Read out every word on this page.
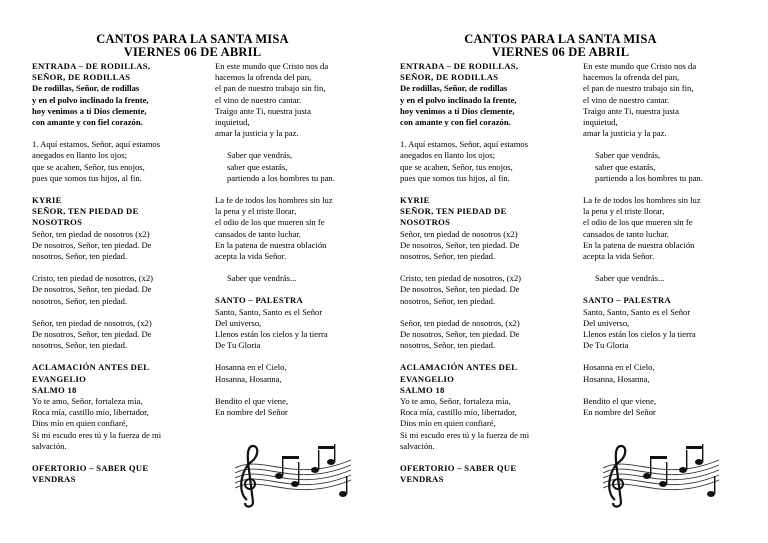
CANTOS PARA LA SANTA MISA
VIERNES 06 DE ABRIL
ENTRADA – DE RODILLAS,
SEÑOR, DE RODILLAS
De rodillas, Señor, de rodillas
y en el polvo inclinado la frente,
hoy venimos a ti Dios clemente,
con amante y con fiel corazón.
1. Aquí estamos, Señor, aquí estamos
anegados en llanto los ojos;
que se acaben, Señor, tus enojos,
pues que somos tus hijos, al fin.
KYRIE
SEÑOR, TEN PIEDAD DE
NOSOTROS
Señor, ten piedad de nosotros (x2)
De nosotros, Señor, ten piedad. De
nosotros, Señor, ten piedad.
Cristo, ten piedad de nosotros, (x2)
De nosotros, Señor, ten piedad. De
nosotros, Señor, ten piedad.
Señor, ten piedad de nosotros, (x2)
De nosotros, Señor, ten piedad. De
nosotros, Señor, ten piedad.
ACLAMACIÓN ANTES DEL
EVANGELIO
SALMO 18
Yo te amo, Señor, fortaleza mía,
Roca mía, castillo mío, libertador,
Dios mío en quien confiaré,
Si mi escudo eres tú y la fuerza de mi
salvación.
OFERTORIO – SABER QUE
VENDRAS
En este mundo que Cristo nos da
hacemos la ofrenda del pan,
el pan de nuestro trabajo sin fin,
el vino de nuestro cantar.
Traigo ante Ti, nuestra justa
inquietud,
amar la justicia y la paz.
Saber que vendrás,
saber que estarás,
partiendo a los hombres tu pan.
La fe de todos los hombres sin luz
la pena y el triste llorar,
el odio de los que mueren sin fe
cansados de tanto luchar.
En la patena de nuestra oblación
acepta la vida Señor.
Saber que vendrás...
SANTO – PALESTRA
Santo, Santo, Santo es el Señor
Del universo,
Llenos están los cielos y la tierra
De Tu Gloria
Hosanna en el Cielo,
Hosanna, Hosanna,
Bendito el que viene,
En nombre del Señor
CANTOS PARA LA SANTA MISA
VIERNES 06 DE ABRIL
ENTRADA – DE RODILLAS,
SEÑOR, DE RODILLAS
De rodillas, Señor, de rodillas
y en el polvo inclinado la frente,
hoy venimos a ti Dios clemente,
con amante y con fiel corazón.
1. Aquí estamos, Señor, aquí estamos
anegados en llanto los ojos;
que se acaben, Señor, tus enojos,
pues que somos tus hijos, al fin.
KYRIE
SEÑOR, TEN PIEDAD DE
NOSOTROS
Señor, ten piedad de nosotros (x2)
De nosotros, Señor, ten piedad. De
nosotros, Señor, ten piedad.
Cristo, ten piedad de nosotros, (x2)
De nosotros, Señor, ten piedad. De
nosotros, Señor, ten piedad.
Señor, ten piedad de nosotros, (x2)
De nosotros, Señor, ten piedad. De
nosotros, Señor, ten piedad.
ACLAMACIÓN ANTES DEL
EVANGELIO
SALMO 18
Yo te amo, Señor, fortaleza mía,
Roca mía, castillo mío, libertador,
Dios mío en quien confiaré,
Si mi escudo eres tú y la fuerza de mi
salvación.
OFERTORIO – SABER QUE
VENDRAS
En este mundo que Cristo nos da
hacemos la ofrenda del pan,
el pan de nuestro trabajo sin fin,
el vino de nuestro cantar.
Traigo ante Ti, nuestra justa
inquietud,
amar la justicia y la paz.
Saber que vendrás,
saber que estarás,
partiendo a los hombres tu pan.
La fe de todos los hombres sin luz
la pena y el triste llorar,
el odio de los que mueren sin fe
cansados de tanto luchar.
En la patena de nuestra oblación
acepta la vida Señor.
Saber que vendrás...
SANTO – PALESTRA
Santo, Santo, Santo es el Señor
Del universo,
Llenos están los cielos y la tierra
De Tu Gloria
Hosanna en el Cielo,
Hosanna, Hosanna,
Bendito el que viene,
En nombre del Señor
